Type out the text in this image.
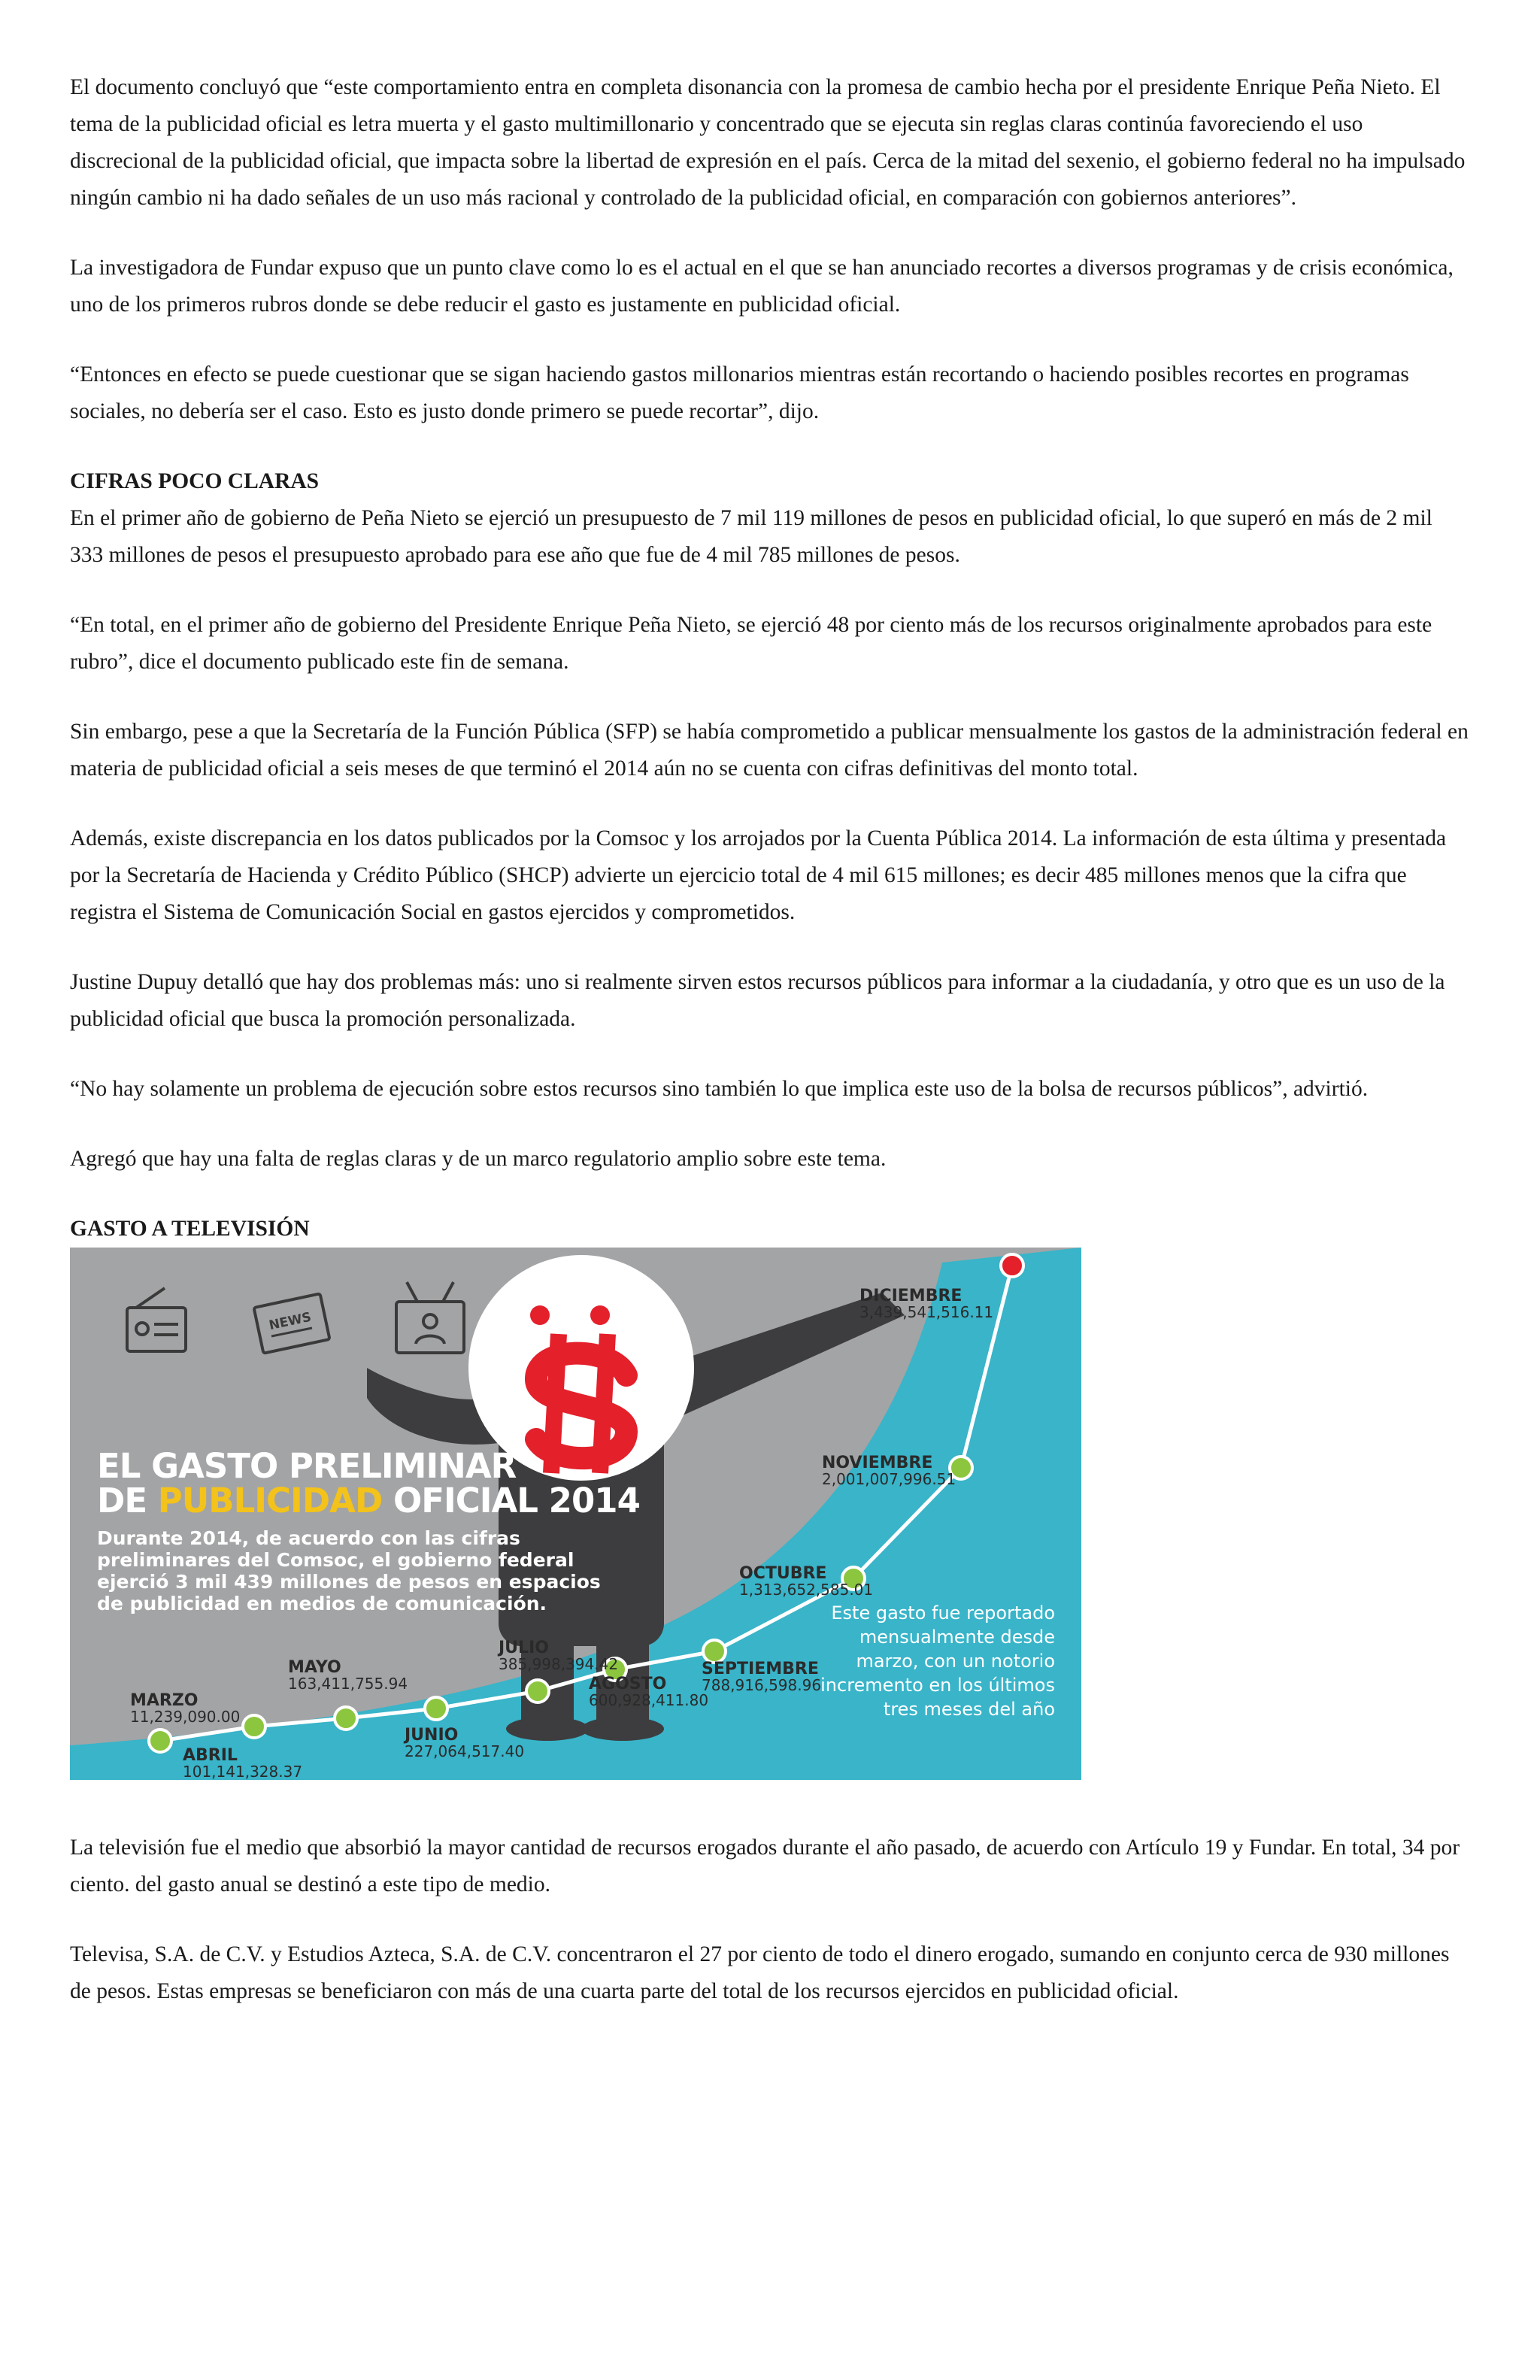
El documento concluyó que “este comportamiento entra en completa disonancia con la promesa de cambio hecha por el presidente Enrique Peña Nieto. El tema de la publicidad oficial es letra muerta y el gasto multimillonario y concentrado que se ejecuta sin reglas claras continúa favoreciendo el uso discrecional de la publicidad oficial, que impacta sobre la libertad de expresión en el país. Cerca de la mitad del sexenio, el gobierno federal no ha impulsado ningún cambio ni ha dado señales de un uso más racional y controlado de la publicidad oficial, en comparación con gobiernos anteriores”.

La investigadora de Fundar expuso que un punto clave como lo es el actual en el que se han anunciado recortes a diversos programas y de crisis económica, uno de los primeros rubros donde se debe reducir el gasto es justamente en publicidad oficial.

“Entonces en efecto se puede cuestionar que se sigan haciendo gastos millonarios mientras están recortando o haciendo posibles recortes en programas sociales, no debería ser el caso. Esto es justo donde primero se puede recortar”, dijo.

CIFRAS POCO CLARAS

En el primer año de gobierno de Peña Nieto se ejerció un presupuesto de 7 mil 119 millones de pesos en publicidad oficial, lo que superó en más de 2 mil 333 millones de pesos el presupuesto aprobado para ese año que fue de 4 mil 785 millones de pesos.

“En total, en el primer año de gobierno del Presidente Enrique Peña Nieto, se ejerció 48 por ciento más de los recursos originalmente aprobados para este rubro”, dice el documento publicado este fin de semana.

Sin embargo, pese a que la Secretaría de la Función Pública (SFP) se había comprometido a publicar mensualmente los gastos de la administración federal en materia de publicidad oficial a seis meses de que terminó el 2014 aún no se cuenta con cifras definitivas del monto total.

Además, existe discrepancia en los datos publicados por la Comsoc y los arrojados por la Cuenta Pública 2014. La información de esta última y presentada por la Secretaría de Hacienda y Crédito Público (SHCP) advierte un ejercicio total de 4 mil 615 millones; es decir 485 millones menos que la cifra que registra el Sistema de Comunicación Social en gastos ejercidos y comprometidos.

Justine Dupuy detalló que hay dos problemas más: uno si realmente sirven estos recursos públicos para informar a la ciudadanía, y otro que es un uso de la publicidad oficial que busca la promoción personalizada.

“No hay solamente un problema de ejecución sobre estos recursos sino también lo que implica este uso de la bolsa de recursos públicos”, advirtió.

Agregó que hay una falta de reglas claras y de un marco regulatorio amplio sobre este tema.

GASTO A TELEVISIÓN
NEWS
EL GASTO PRELIMINAR
DE PUBLICIDAD OFICIAL 2014
Durante 2014, de acuerdo con las cifras preliminares del Comsoc, el gobierno federal ejerció 3 mil 439 millones de pesos en espacios de publicidad en medios de comunicación.	Este gasto fue reportado mensualmente desde marzo, con un notorio incremento en los últimos tres meses del año
MARZO
11,239,090.00
ABRIL
101,141,328.37
MAYO
163,411,755.94
JUNIO
227,064,517.40
JULIO
385,998,394.42
AGOSTO
600,928,411.80
SEPTIEMBRE
788,916,598.96
OCTUBRE
1,313,652,585.01
NOVIEMBRE
2,001,007,996.51
DICIEMBRE
3,439,541,516.11

La televisión fue el medio que absorbió la mayor cantidad de recursos erogados durante el año pasado, de acuerdo con Artículo 19 y Fundar. En total, 34 por ciento. del gasto anual se destinó a este tipo de medio.

Televisa, S.A. de C.V. y Estudios Azteca, S.A. de C.V. concentraron el 27 por ciento de todo el dinero erogado, sumando en conjunto cerca de 930 millones de pesos. Estas empresas se beneficiaron con más de una cuarta parte del total de los recursos ejercidos en publicidad oficial.
